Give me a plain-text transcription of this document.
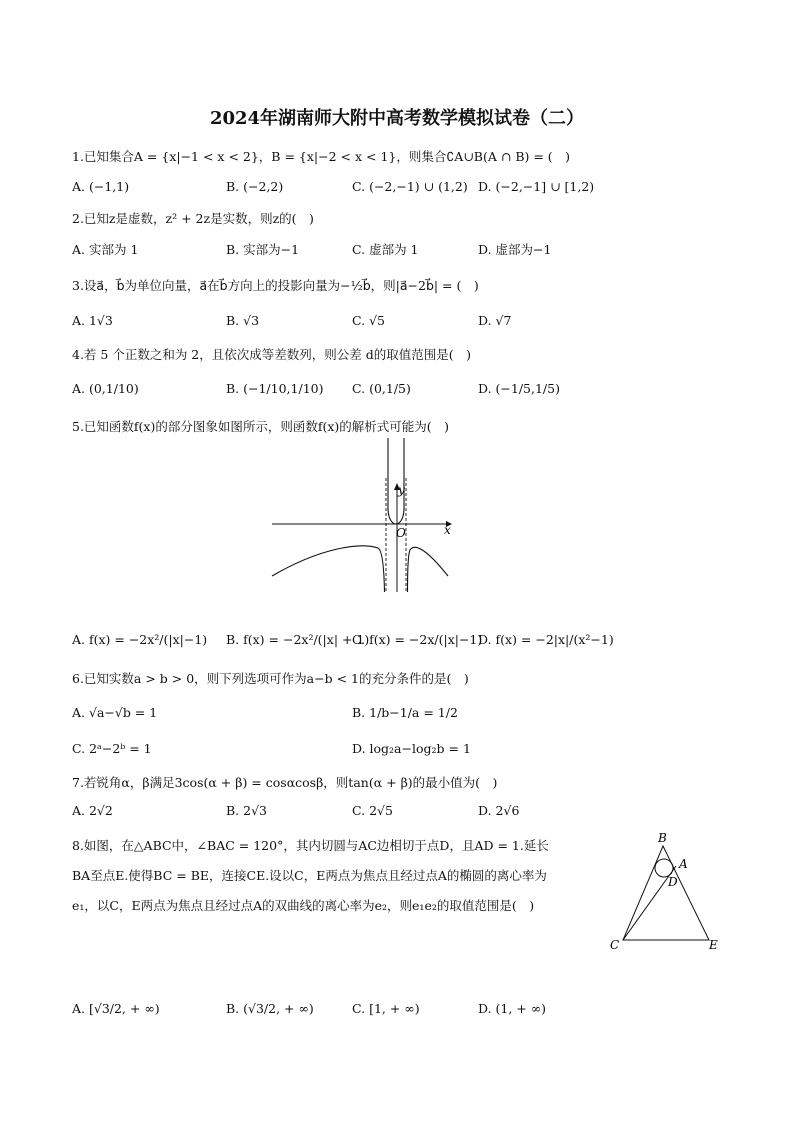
2024年湖南师大附中高考数学模拟试卷（二）
1.已知集合A = {x|−1 < x < 2}，B = {x|−2 < x < 1}，则集合∁A∪B(A ∩ B) = (　)
A. (−1,1)	B. (−2,2)	C. (−2,−1) ∪ (1,2) D. (−2,−1] ∪ [1,2)
2.已知z是虚数，z² + 2z是实数，则z的(　)
A. 实部为 1	B. 实部为−1	C. 虚部为 1	D. 虚部为−1
3.设a⃗，b⃗为单位向量，a⃗在b⃗方向上的投影向量为−½b⃗，则|a⃗−2b⃗| = (　)
A. 1√3	B. √3	C. √5	D. √7
4.若 5 个正数之和为 2，且依次成等差数列，则公差 d的取值范围是(　)
A. (0,1/10)	B. (−1/10,1/10) C. (0,1/5)	D. (−1/5,1/5)
5.已知函数f(x)的部分图象如图所示，则函数f(x)的解析式可能为(　)
x
y
O
A. f(x) = −2x²/(|x|−1) B. f(x) = −2x²/(|x| + 1)
C. f(x) = −2x/(|x|−1)
D. f(x) = −2|x|/(x²−1)
6.已知实数a > b > 0，则下列选项可作为a−b < 1的充分条件的是(　)
A. √a−√b = 1	B. 1/b−1/a = 1/2
C. 2ᵃ−2ᵇ = 1	D. log₂a−log₂b = 1
7.若锐角α，β满足3cos(α + β) = cosαcosβ，则tan(α + β)的最小值为(　)
A. 2√2	B. 2√3	C. 2√5	D. 2√6
8.如图，在△ABC中，∠BAC = 120°，其内切圆与AC边相切于点D，且AD = 1.延长
BA至点E.使得BC = BE，连接CE.设以C，E两点为焦点且经过点A的椭圆的离心率为
e₁，以C，E两点为焦点且经过点A的双曲线的离心率为e₂，则e₁e₂的取值范围是(　)
B
A
D
C	E
A. [√3/2, + ∞)	B. (√3/2, + ∞)	C. [1, + ∞)	D. (1, + ∞)
